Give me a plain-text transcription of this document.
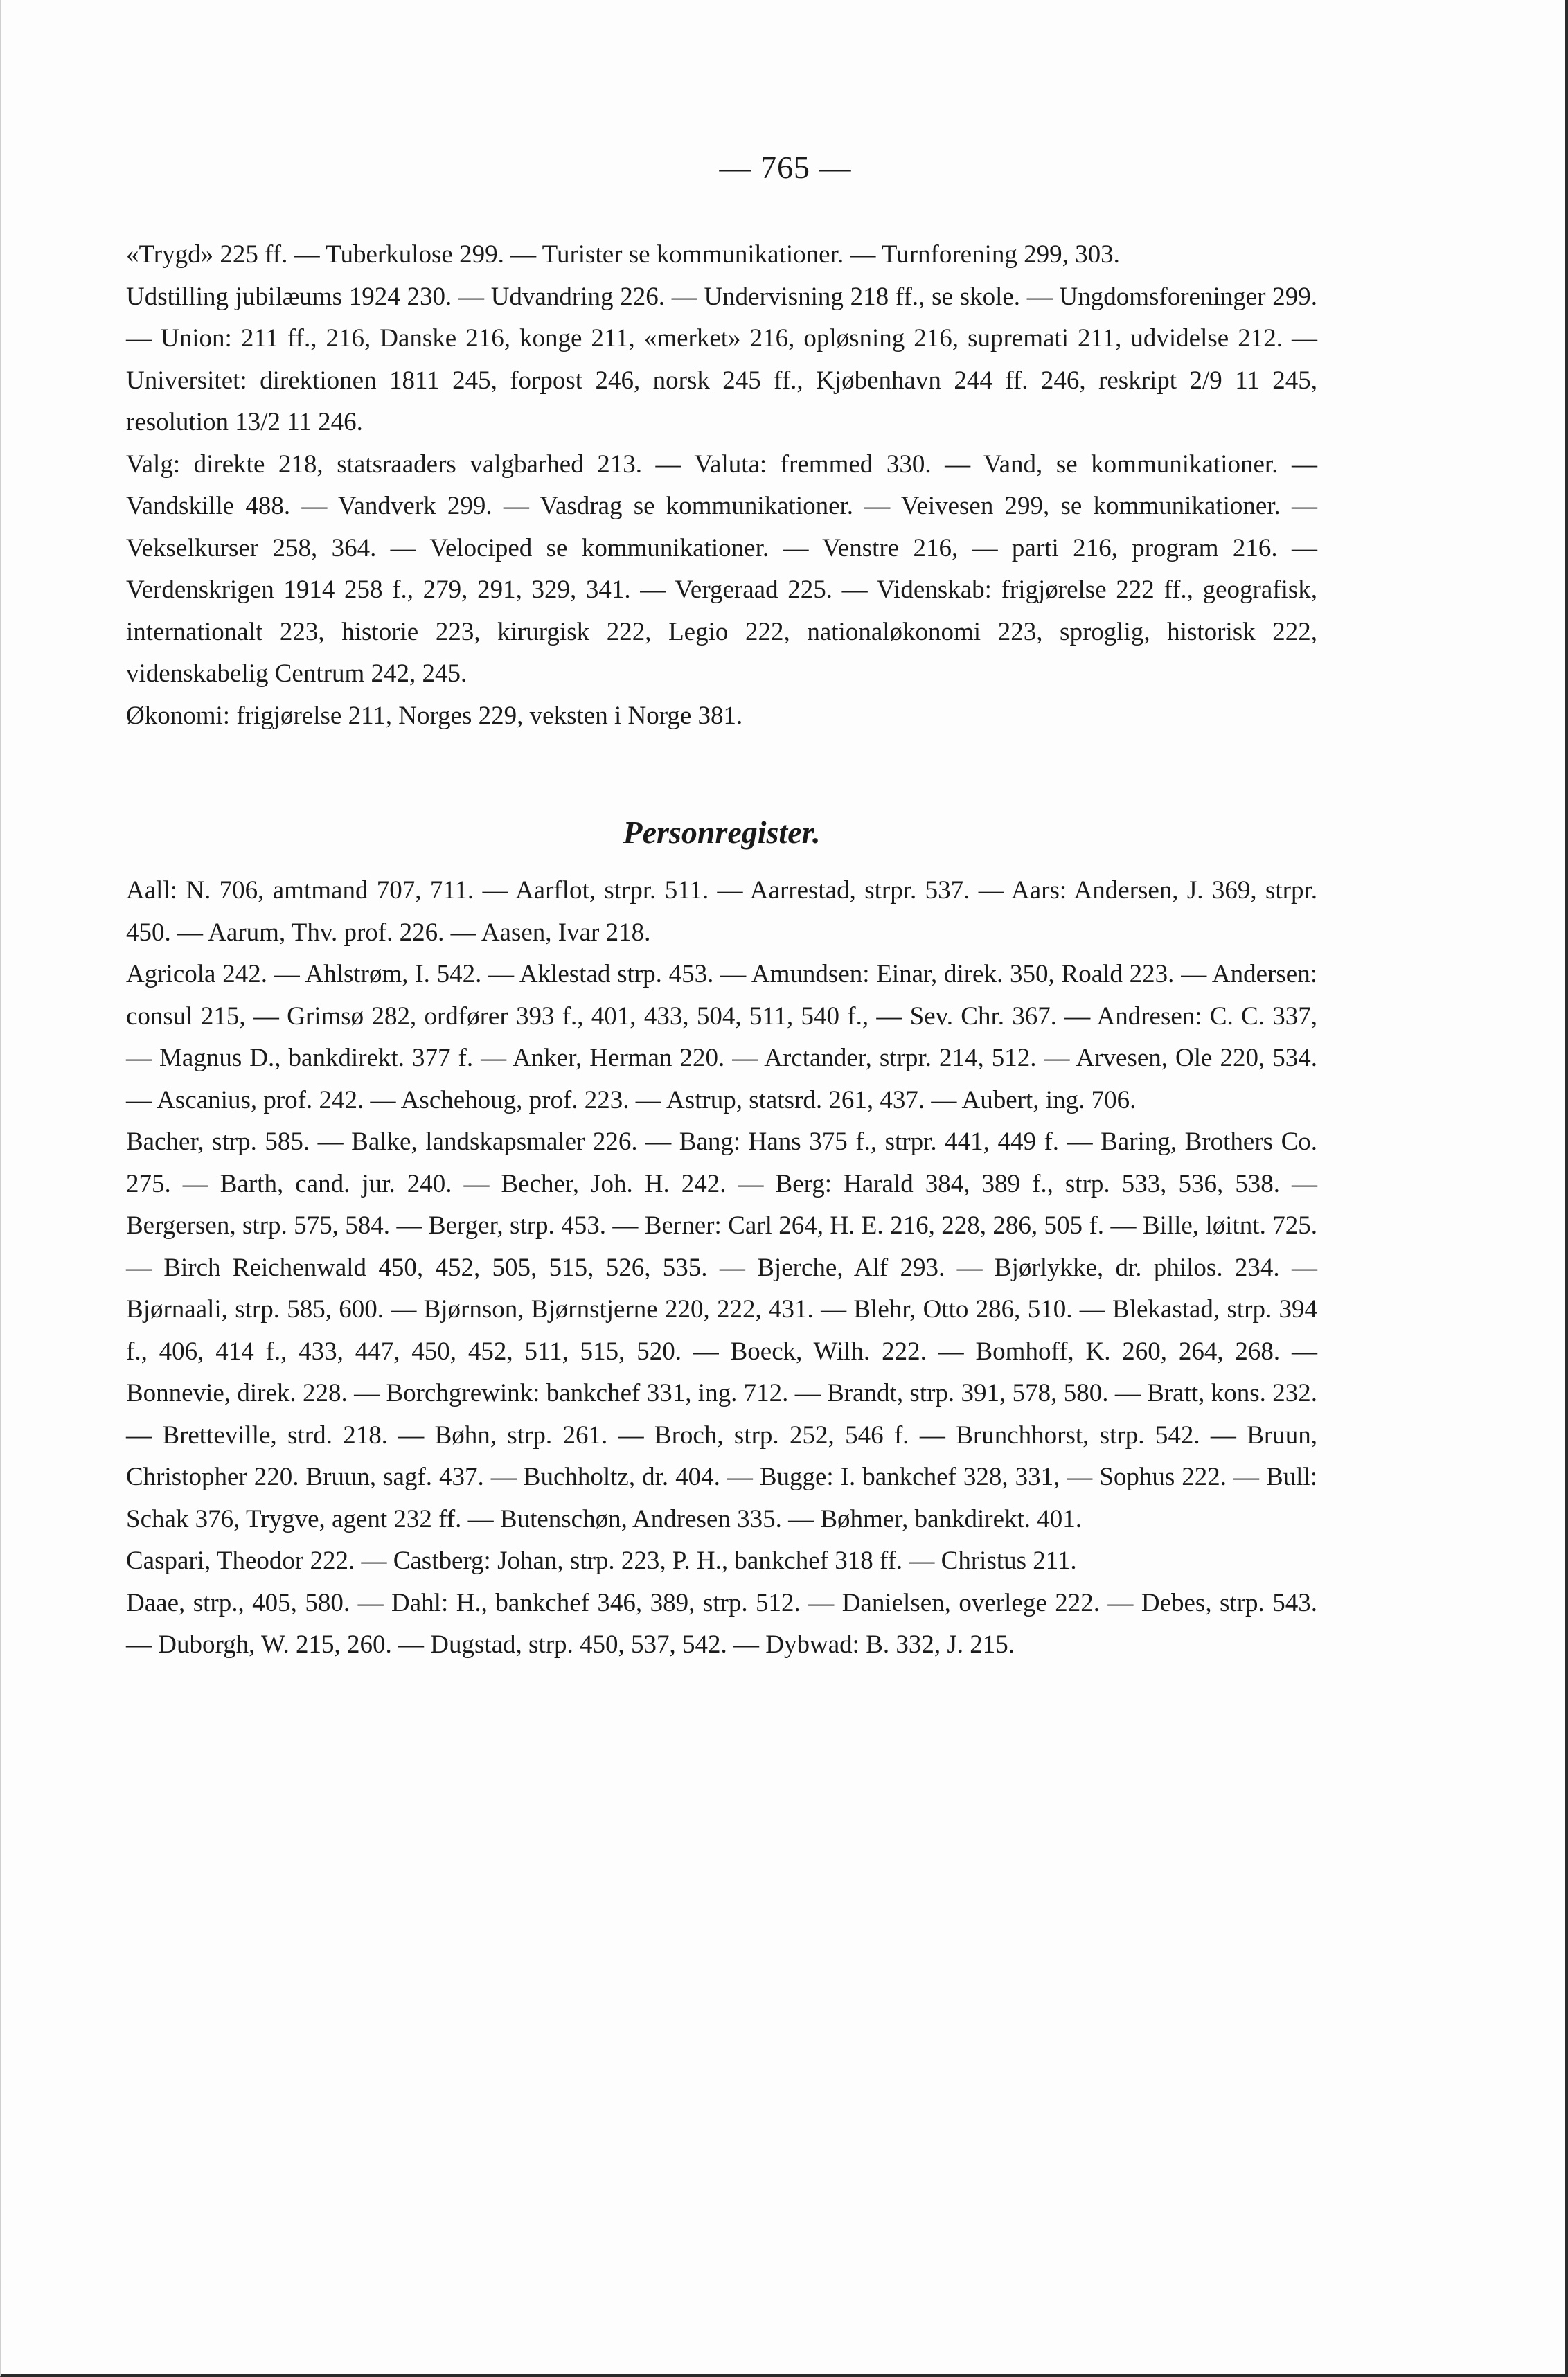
— 765 —

«Trygd» 225 ff. — Tuberkulose 299. — Turister se kommunikationer. — Turnforening 299, 303.

Udstilling jubilæums 1924 230. — Udvandring 226. — Undervisning 218 ff., se skole. — Ungdomsforeninger 299. — Union: 211 ff., 216, Danske 216, konge 211, «merket» 216, opløsning 216, suprematі 211, udvidelse 212. — Universitet: direktionen 1811 245, forpost 246, norsk 245 ff., Kjøbenhavn 244 ff. 246, reskript 2/9 11 245, resolution 13/2 11 246.

Valg: direkte 218, statsraaders valgbarhed 213. — Valuta: fremmed 330. — Vand, se kommunikationer. — Vandskille 488. — Vandverk 299. — Vasdrag se kommunikationer. — Veivesen 299, se kommunikationer. — Vekselkurser 258, 364. — Velociped se kommunikationer. — Venstre 216, — parti 216, program 216. — Verdenskrigen 1914 258 f., 279, 291, 329, 341. — Vergeraad 225. — Videnskab: frigjørelse 222 ff., geografisk, internationalt 223, historie 223, kirurgisk 222, Legio 222, nationaløkonomi 223, sproglig, historisk 222, videnskabelig Centrum 242, 245.

Økonomi: frigjørelse 211, Norges 229, veksten i Norge 381.

Personregister.

Aall: N. 706, amtmand 707, 711. — Aarflot, strpr. 511. — Aarrestad, strpr. 537. — Aars: Andersen, J. 369, strpr. 450. — Aarum, Thv. prof. 226. — Aasen, Ivar 218.

Agricola 242. — Ahlstrøm, I. 542. — Aklestad strp. 453. — Amundsen: Einar, direk. 350, Roald 223. — Andersen: consul 215, — Grimsø 282, ordfører 393 f., 401, 433, 504, 511, 540 f., — Sev. Chr. 367. — Andresen: C. C. 337, — Magnus D., bankdirekt. 377 f. — Anker, Herman 220. — Arctander, strpr. 214, 512. — Arvesen, Ole 220, 534. — Ascanius, prof. 242. — Aschehoug, prof. 223. — Astrup, statsrd. 261, 437. — Aubert, ing. 706.

Bacher, strp. 585. — Balke, landskapsmaler 226. — Bang: Hans 375 f., strpr. 441, 449 f. — Baring, Brothers Co. 275. — Barth, cand. jur. 240. — Becher, Joh. H. 242. — Berg: Harald 384, 389 f., strp. 533, 536, 538. — Bergersen, strp. 575, 584. — Berger, strp. 453. — Berner: Carl 264, H. E. 216, 228, 286, 505 f. — Bille, løitnt. 725. — Birch Reichenwald 450, 452, 505, 515, 526, 535. — Bjerche, Alf 293. — Bjørlykke, dr. philos. 234. — Bjørnaali, strp. 585, 600. — Bjørnson, Bjørnstjerne 220, 222, 431. — Blehr, Otto 286, 510. — Blekastad, strp. 394 f., 406, 414 f., 433, 447, 450, 452, 511, 515, 520. — Boeck, Wilh. 222. — Bomhoff, K. 260, 264, 268. — Bonnevie, direk. 228. — Borchgrewink: bankchef 331, ing. 712. — Brandt, strp. 391, 578, 580. — Bratt, kons. 232. — Bretteville, strd. 218. — Bøhn, strp. 261. — Broch, strp. 252, 546 f. — Brunchhorst, strp. 542. — Bruun, Christopher 220. Bruun, sagf. 437. — Buchholtz, dr. 404. — Bugge: I. bankchef 328, 331, — Sophus 222. — Bull: Schak 376, Trygve, agent 232 ff. — Butenschøn, Andresen 335. — Bøhmer, bankdirekt. 401.

Caspari, Theodor 222. — Castberg: Johan, strp. 223, P. H., bankchef 318 ff. — Christus 211.

Daae, strp., 405, 580. — Dahl: H., bankchef 346, 389, strp. 512. — Danielsen, overlege 222. — Debes, strp. 543. — Duborgh, W. 215, 260. — Dugstad, strp. 450, 537, 542. — Dybwad: B. 332, J. 215.
